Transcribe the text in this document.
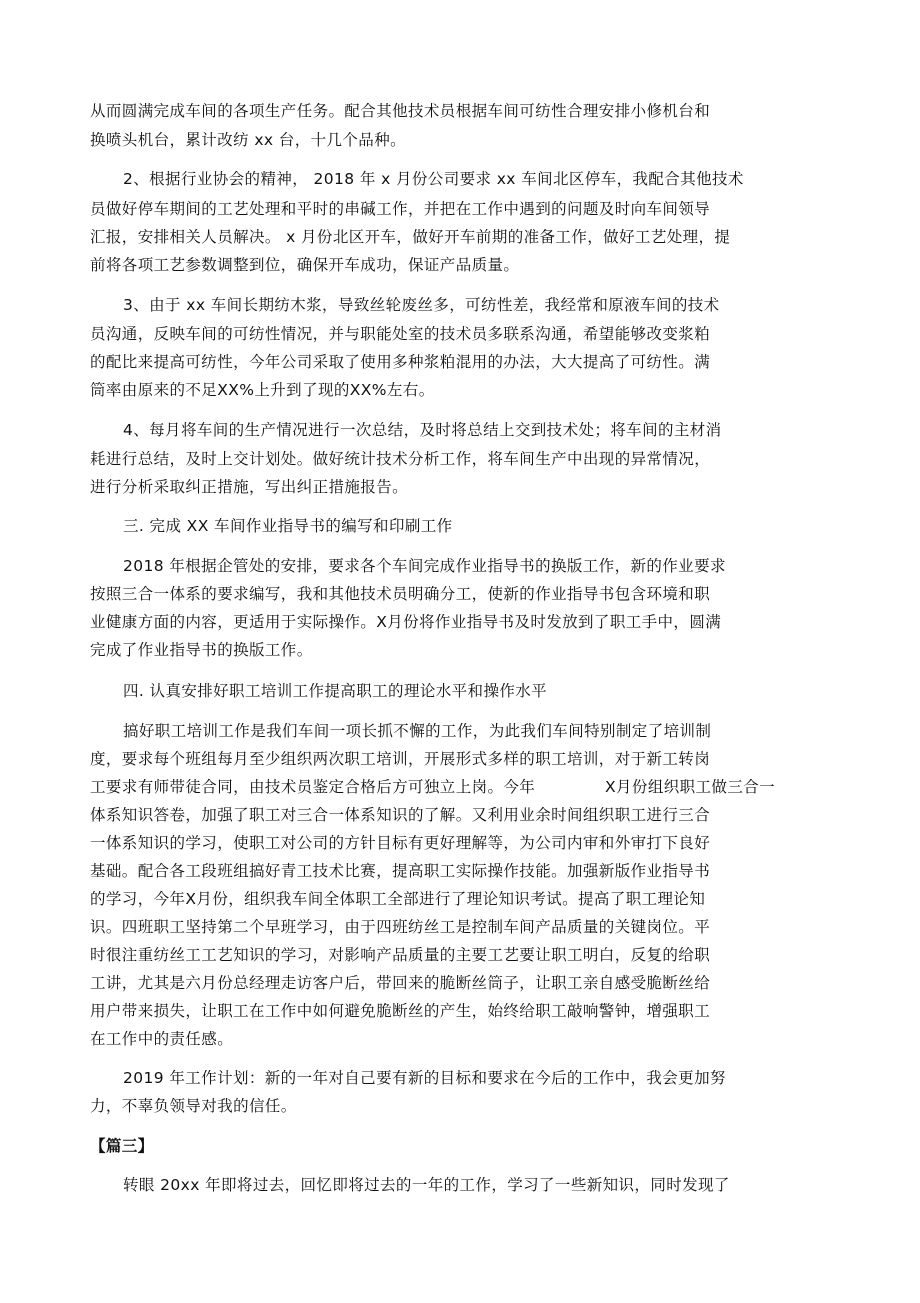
从而圆满完成车间的各项生产任务。配合其他技术员根据车间可纺性合理安排小修机台和
换喷头机台，累计改纺 xx 台，十几个品种。
2、根据行业协会的精神， 2018 年 x 月份公司要求 xx 车间北区停车，我配合其他技术
员做好停车期间的工艺处理和平时的串碱工作，并把在工作中遇到的问题及时向车间领导
汇报，安排相关人员解决。 x 月份北区开车，做好开车前期的准备工作，做好工艺处理，提
前将各项工艺参数调整到位，确保开车成功，保证产品质量。
3、由于 xx 车间长期纺木浆，导致丝轮废丝多，可纺性差，我经常和原液车间的技术
员沟通，反映车间的可纺性情况，并与职能处室的技术员多联系沟通，希望能够改变浆粕
的配比来提高可纺性，今年公司采取了使用多种浆粕混用的办法，大大提高了可纺性。满
筒率由原来的不足XX%上升到了现的XX%左右。
4、每月将车间的生产情况进行一次总结，及时将总结上交到技术处；将车间的主材消
耗进行总结，及时上交计划处。做好统计技术分析工作，将车间生产中出现的异常情况，
进行分析采取纠正措施，写出纠正措施报告。
三. 完成 XX 车间作业指导书的编写和印刷工作
2018 年根据企管处的安排，要求各个车间完成作业指导书的换版工作，新的作业要求
按照三合一体系的要求编写，我和其他技术员明确分工，使新的作业指导书包含环境和职
业健康方面的内容，更适用于实际操作。X月份将作业指导书及时发放到了职工手中，圆满
完成了作业指导书的换版工作。
四. 认真安排好职工培训工作提高职工的理论水平和操作水平
搞好职工培训工作是我们车间一项长抓不懈的工作，为此我们车间特别制定了培训制
度，要求每个班组每月至少组织两次职工培训，开展形式多样的职工培训，对于新工转岗
工要求有师带徒合同，由技术员鉴定合格后方可独立上岗。今年	X月份组织职工做三合一
体系知识答卷，加强了职工对三合一体系知识的了解。又利用业余时间组织职工进行三合
一体系知识的学习，使职工对公司的方针目标有更好理解等，为公司内审和外审打下良好
基础。配合各工段班组搞好青工技术比赛，提高职工实际操作技能。加强新版作业指导书
的学习，今年X月份，组织我车间全体职工全部进行了理论知识考试。提高了职工理论知
识。四班职工坚持第二个早班学习，由于四班纺丝工是控制车间产品质量的关键岗位。平
时很注重纺丝工工艺知识的学习，对影响产品质量的主要工艺要让职工明白，反复的给职
工讲，尤其是六月份总经理走访客户后，带回来的脆断丝筒子，让职工亲自感受脆断丝给
用户带来损失，让职工在工作中如何避免脆断丝的产生，始终给职工敲响警钟，增强职工
在工作中的责任感。
2019 年工作计划：新的一年对自己要有新的目标和要求在今后的工作中，我会更加努
力，不辜负领导对我的信任。
【篇三】
转眼 20xx 年即将过去，回忆即将过去的一年的工作，学习了一些新知识，同时发现了
